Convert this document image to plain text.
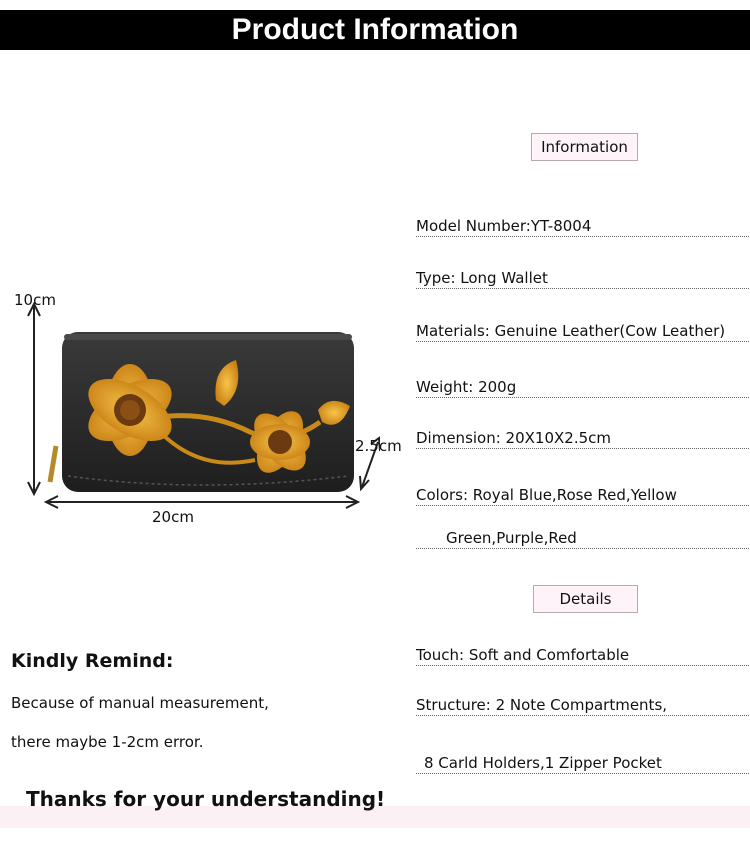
Product Information
Information
Model Number:YT-8004
Type: Long Wallet
Materials: Genuine Leather(Cow Leather)
Weight: 200g
Dimension: 20X10X2.5cm
Colors: Royal Blue,Rose Red,Yellow
Green,Purple,Red
Details
Touch: Soft and Comfortable
Structure: 2 Note Compartments,
8 Carld Holders,1 Zipper Pocket
10cm
20cm
2.5cm
Kindly Remind:
Because of manual measurement,
there maybe 1-2cm error.
Thanks for your understanding!
